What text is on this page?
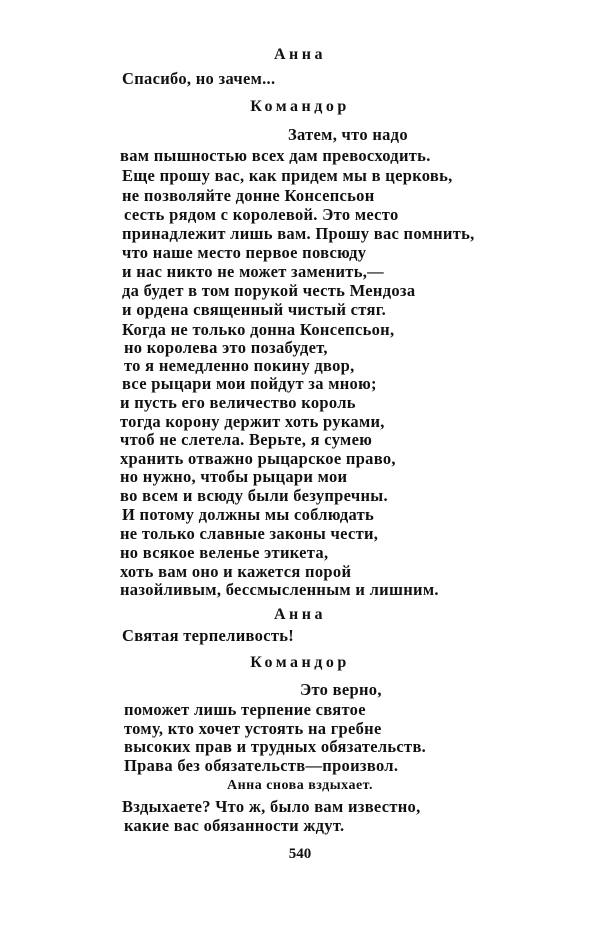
Анна
Спасибо, но зачем...
Командор
Затем, что надо
вам пышностью всех дам превосходить.
Еще прошу вас, как придем мы в церковь,
не позволяйте донне Консепсьон
сесть рядом с королевой. Это место
принадлежит лишь вам. Прошу вас помнить,
что наше место первое повсюду
и нас никто не может заменить,—
да будет в том порукой честь Мендоза
и ордена священный чистый стяг.
Когда не только донна Консепсьон,
но королева это позабудет,
то я немедленно покину двор,
все рыцари мои пойдут за мною;
и пусть его величество король
тогда корону держит хоть руками,
чтоб не слетела. Верьте, я сумею
хранить отважно рыцарское право,
но нужно, чтобы рыцари мои
во всем и всюду были безупречны.
И потому должны мы соблюдать
не только славные законы чести,
но всякое веленье этикета,
хоть вам оно и кажется порой
назойливым, бессмысленным и лишним.
Анна
Святая терпеливость!
Командор
Это верно,
поможет лишь терпение святое
тому, кто хочет устоять на гребне
высоких прав и трудных обязательств.
Права без обязательств—произвол.
Анна снова вздыхает.
Вздыхаете? Что ж, было вам известно,
какие вас обязанности ждут.
540
